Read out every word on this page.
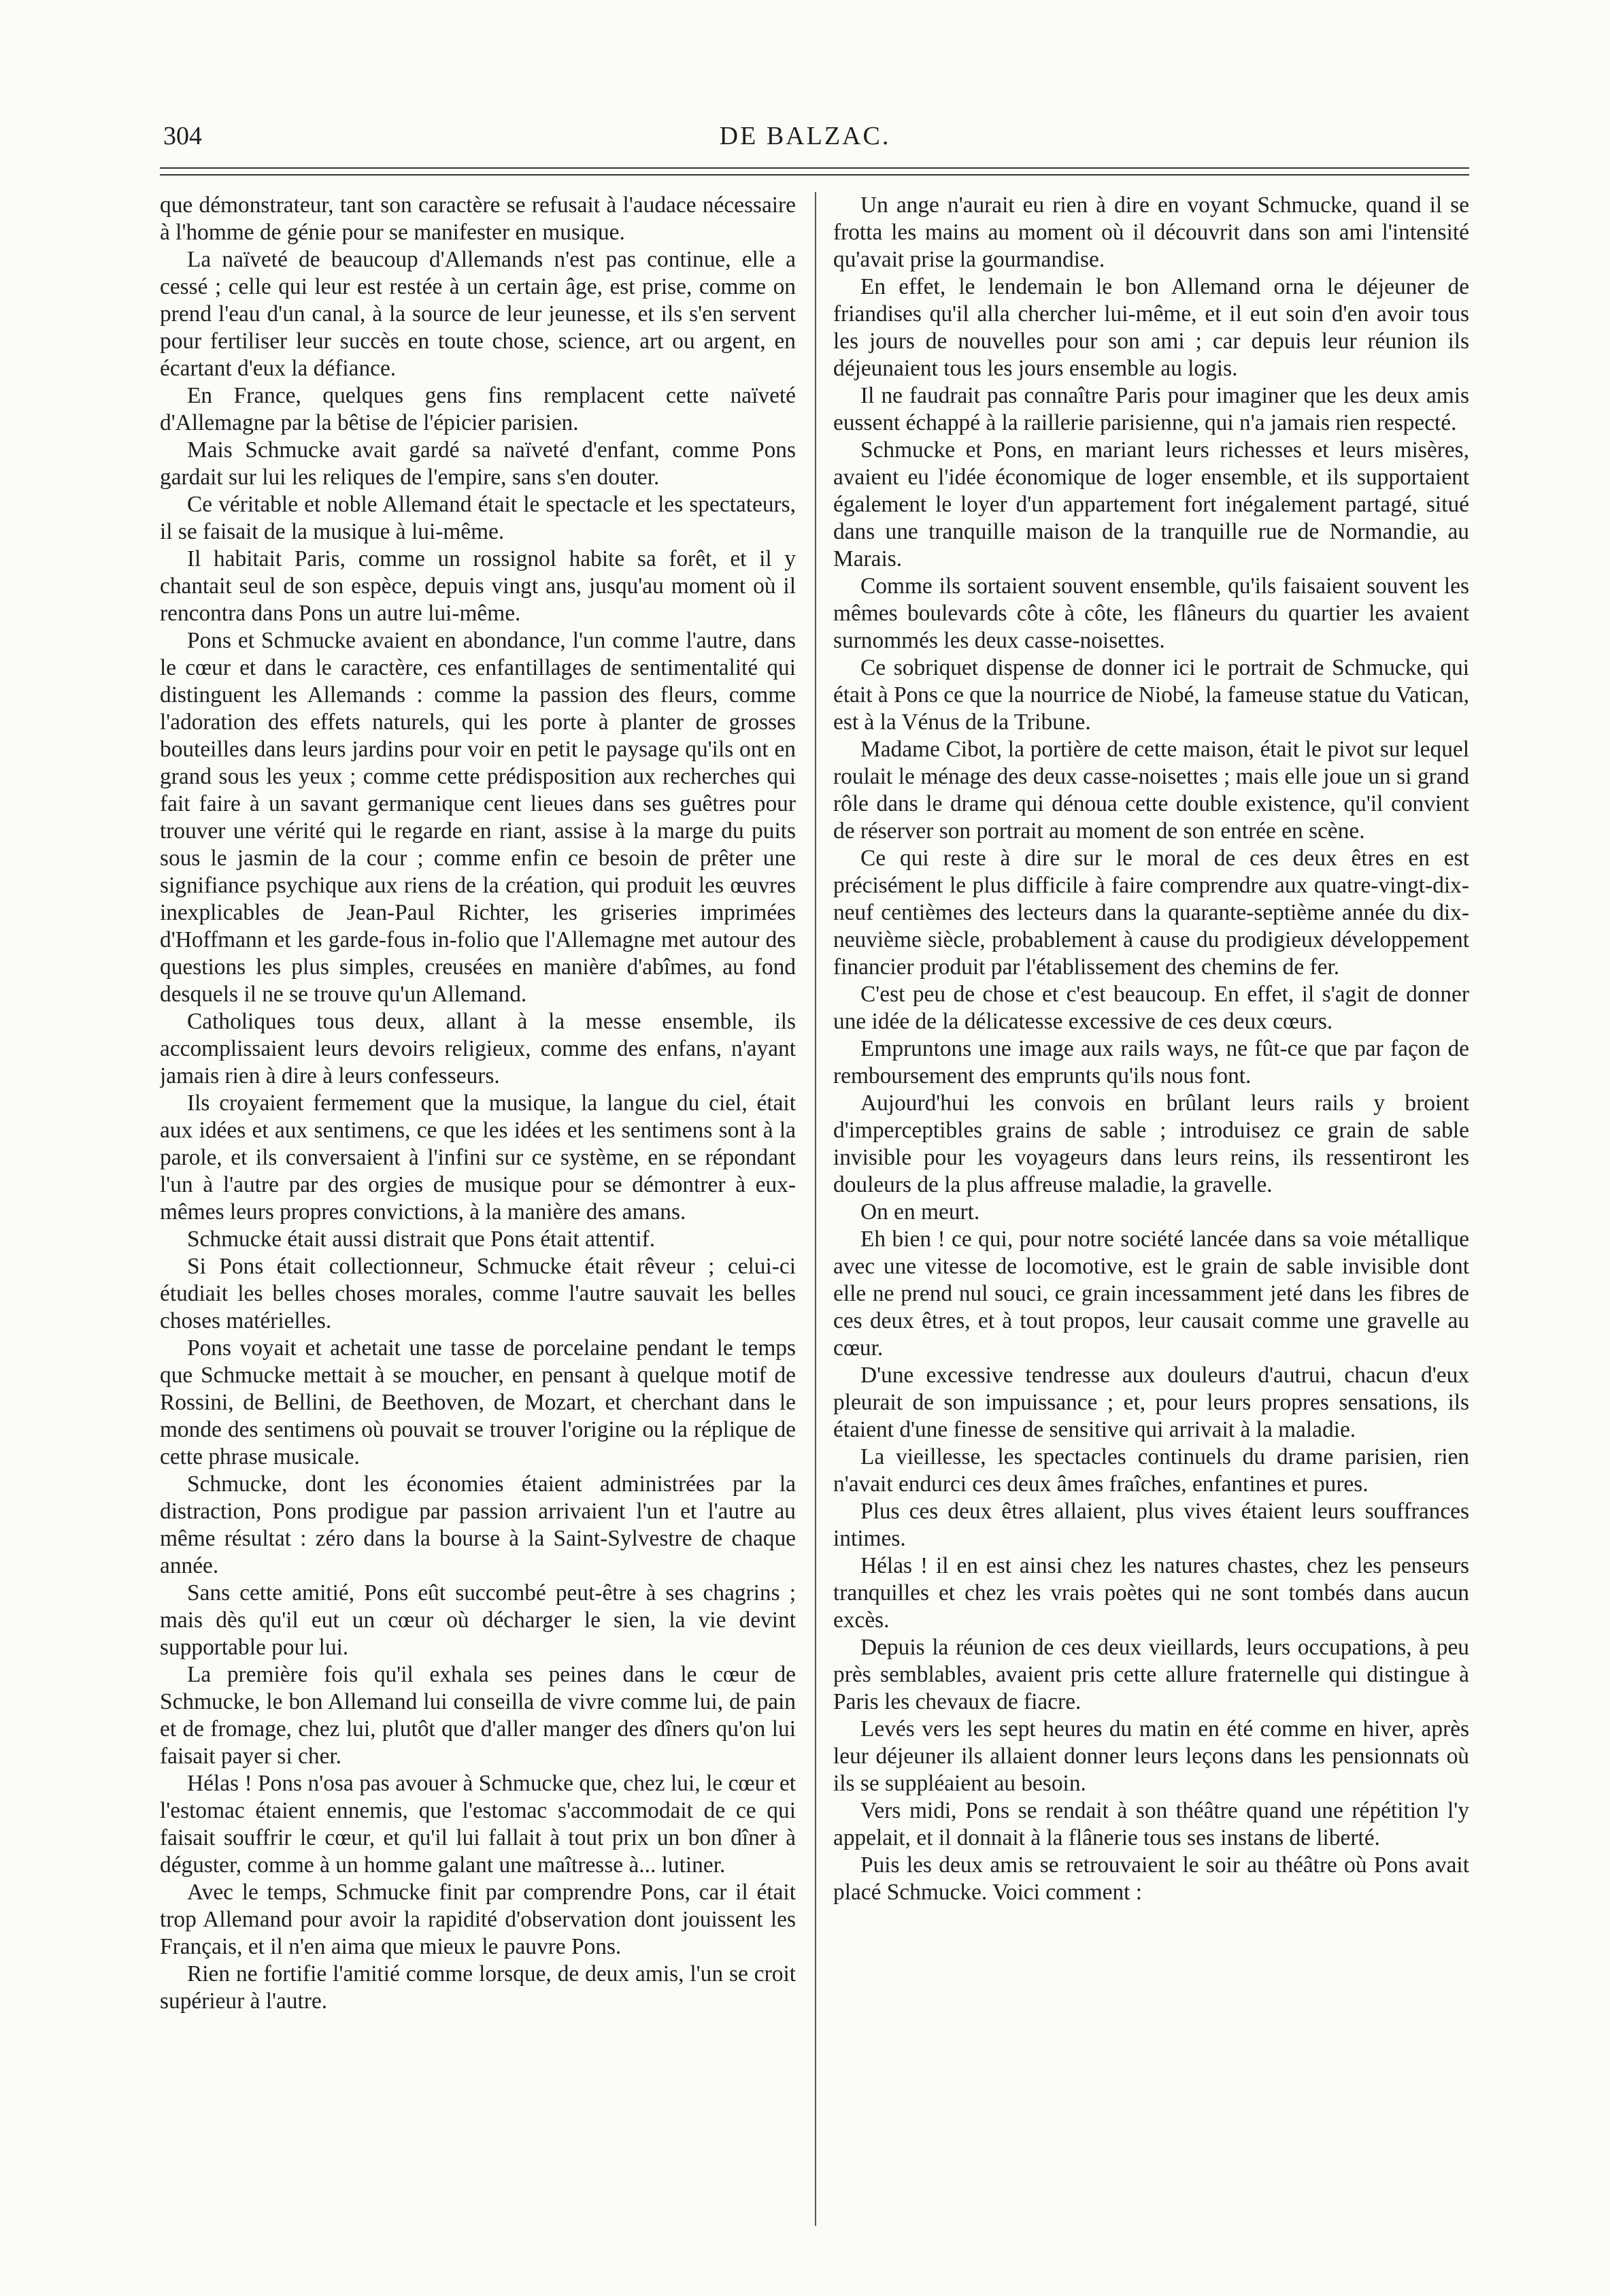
304	DE BALZAC.

que démonstrateur, tant son caractère se refusait à l'audace nécessaire à l'homme de génie pour se manifester en musique.

La naïveté de beaucoup d'Allemands n'est pas continue, elle a cessé ; celle qui leur est restée à un certain âge, est prise, comme on prend l'eau d'un canal, à la source de leur jeunesse, et ils s'en servent pour fertiliser leur succès en toute chose, science, art ou argent, en écartant d'eux la défiance.

En France, quelques gens fins remplacent cette naïveté d'Allemagne par la bêtise de l'épicier parisien.

Mais Schmucke avait gardé sa naïveté d'enfant, comme Pons gardait sur lui les reliques de l'empire, sans s'en douter.

Ce véritable et noble Allemand était le spectacle et les spectateurs, il se faisait de la musique à lui-même.

Il habitait Paris, comme un rossignol habite sa forêt, et il y chantait seul de son espèce, depuis vingt ans, jusqu'au moment où il rencontra dans Pons un autre lui-même.

Pons et Schmucke avaient en abondance, l'un comme l'autre, dans le cœur et dans le caractère, ces enfantillages de sentimentalité qui distinguent les Allemands : comme la passion des fleurs, comme l'adoration des effets naturels, qui les porte à planter de grosses bouteilles dans leurs jardins pour voir en petit le paysage qu'ils ont en grand sous les yeux ; comme cette prédisposition aux recherches qui fait faire à un savant germanique cent lieues dans ses guêtres pour trouver une vérité qui le regarde en riant, assise à la marge du puits sous le jasmin de la cour ; comme enfin ce besoin de prêter une signifiance psychique aux riens de la création, qui produit les œuvres inexplicables de Jean-Paul Richter, les griseries imprimées d'Hoffmann et les garde-fous in-folio que l'Allemagne met autour des questions les plus simples, creusées en manière d'abîmes, au fond desquels il ne se trouve qu'un Allemand.

Catholiques tous deux, allant à la messe ensemble, ils accomplissaient leurs devoirs religieux, comme des enfans, n'ayant jamais rien à dire à leurs confesseurs.

Ils croyaient fermement que la musique, la langue du ciel, était aux idées et aux sentimens, ce que les idées et les sentimens sont à la parole, et ils conversaient à l'infini sur ce système, en se répondant l'un à l'autre par des orgies de musique pour se démontrer à eux-mêmes leurs propres convictions, à la manière des amans.

Schmucke était aussi distrait que Pons était attentif.

Si Pons était collectionneur, Schmucke était rêveur ; celui-ci étudiait les belles choses morales, comme l'autre sauvait les belles choses matérielles.

Pons voyait et achetait une tasse de porcelaine pendant le temps que Schmucke mettait à se moucher, en pensant à quelque motif de Rossini, de Bellini, de Beethoven, de Mozart, et cherchant dans le monde des sentimens où pouvait se trouver l'origine ou la réplique de cette phrase musicale.

Schmucke, dont les économies étaient administrées par la distraction, Pons prodigue par passion arrivaient l'un et l'autre au même résultat : zéro dans la bourse à la Saint-Sylvestre de chaque année.

Sans cette amitié, Pons eût succombé peut-être à ses chagrins ; mais dès qu'il eut un cœur où décharger le sien, la vie devint supportable pour lui.

La première fois qu'il exhala ses peines dans le cœur de Schmucke, le bon Allemand lui conseilla de vivre comme lui, de pain et de fromage, chez lui, plutôt que d'aller manger des dîners qu'on lui faisait payer si cher.

Hélas ! Pons n'osa pas avouer à Schmucke que, chez lui, le cœur et l'estomac étaient ennemis, que l'estomac s'accommodait de ce qui faisait souffrir le cœur, et qu'il lui fallait à tout prix un bon dîner à déguster, comme à un homme galant une maîtresse à... lutiner.

Avec le temps, Schmucke finit par comprendre Pons, car il était trop Allemand pour avoir la rapidité d'observation dont jouissent les Français, et il n'en aima que mieux le pauvre Pons.

Rien ne fortifie l'amitié comme lorsque, de deux amis, l'un se croit supérieur à l'autre.

Un ange n'aurait eu rien à dire en voyant Schmucke, quand il se frotta les mains au moment où il découvrit dans son ami l'intensité qu'avait prise la gourmandise.

En effet, le lendemain le bon Allemand orna le déjeuner de friandises qu'il alla chercher lui-même, et il eut soin d'en avoir tous les jours de nouvelles pour son ami ; car depuis leur réunion ils déjeunaient tous les jours ensemble au logis.

Il ne faudrait pas connaître Paris pour imaginer que les deux amis eussent échappé à la raillerie parisienne, qui n'a jamais rien respecté.

Schmucke et Pons, en mariant leurs richesses et leurs misères, avaient eu l'idée économique de loger ensemble, et ils supportaient également le loyer d'un appartement fort inégalement partagé, situé dans une tranquille maison de la tranquille rue de Normandie, au Marais.

Comme ils sortaient souvent ensemble, qu'ils faisaient souvent les mêmes boulevards côte à côte, les flâneurs du quartier les avaient surnommés les deux casse-noisettes.

Ce sobriquet dispense de donner ici le portrait de Schmucke, qui était à Pons ce que la nourrice de Niobé, la fameuse statue du Vatican, est à la Vénus de la Tribune.

Madame Cibot, la portière de cette maison, était le pivot sur lequel roulait le ménage des deux casse-noisettes ; mais elle joue un si grand rôle dans le drame qui dénoua cette double existence, qu'il convient de réserver son portrait au moment de son entrée en scène.

Ce qui reste à dire sur le moral de ces deux êtres en est précisément le plus difficile à faire comprendre aux quatre-vingt-dix-neuf centièmes des lecteurs dans la quarante-septième année du dix-neuvième siècle, probablement à cause du prodigieux développement financier produit par l'établissement des chemins de fer.

C'est peu de chose et c'est beaucoup. En effet, il s'agit de donner une idée de la délicatesse excessive de ces deux cœurs.

Empruntons une image aux rails ways, ne fût-ce que par façon de remboursement des emprunts qu'ils nous font.

Aujourd'hui les convois en brûlant leurs rails y broient d'imperceptibles grains de sable ; introduisez ce grain de sable invisible pour les voyageurs dans leurs reins, ils ressentiront les douleurs de la plus affreuse maladie, la gravelle.

On en meurt.

Eh bien ! ce qui, pour notre société lancée dans sa voie métallique avec une vitesse de locomotive, est le grain de sable invisible dont elle ne prend nul souci, ce grain incessamment jeté dans les fibres de ces deux êtres, et à tout propos, leur causait comme une gravelle au cœur.

D'une excessive tendresse aux douleurs d'autrui, chacun d'eux pleurait de son impuissance ; et, pour leurs propres sensations, ils étaient d'une finesse de sensitive qui arrivait à la maladie.

La vieillesse, les spectacles continuels du drame parisien, rien n'avait endurci ces deux âmes fraîches, enfantines et pures.

Plus ces deux êtres allaient, plus vives étaient leurs souffrances intimes.

Hélas ! il en est ainsi chez les natures chastes, chez les penseurs tranquilles et chez les vrais poètes qui ne sont tombés dans aucun excès.

Depuis la réunion de ces deux vieillards, leurs occupations, à peu près semblables, avaient pris cette allure fraternelle qui distingue à Paris les chevaux de fiacre.

Levés vers les sept heures du matin en été comme en hiver, après leur déjeuner ils allaient donner leurs leçons dans les pensionnats où ils se suppléaient au besoin.

Vers midi, Pons se rendait à son théâtre quand une répétition l'y appelait, et il donnait à la flânerie tous ses instans de liberté.

Puis les deux amis se retrouvaient le soir au théâtre où Pons avait placé Schmucke. Voici comment :
